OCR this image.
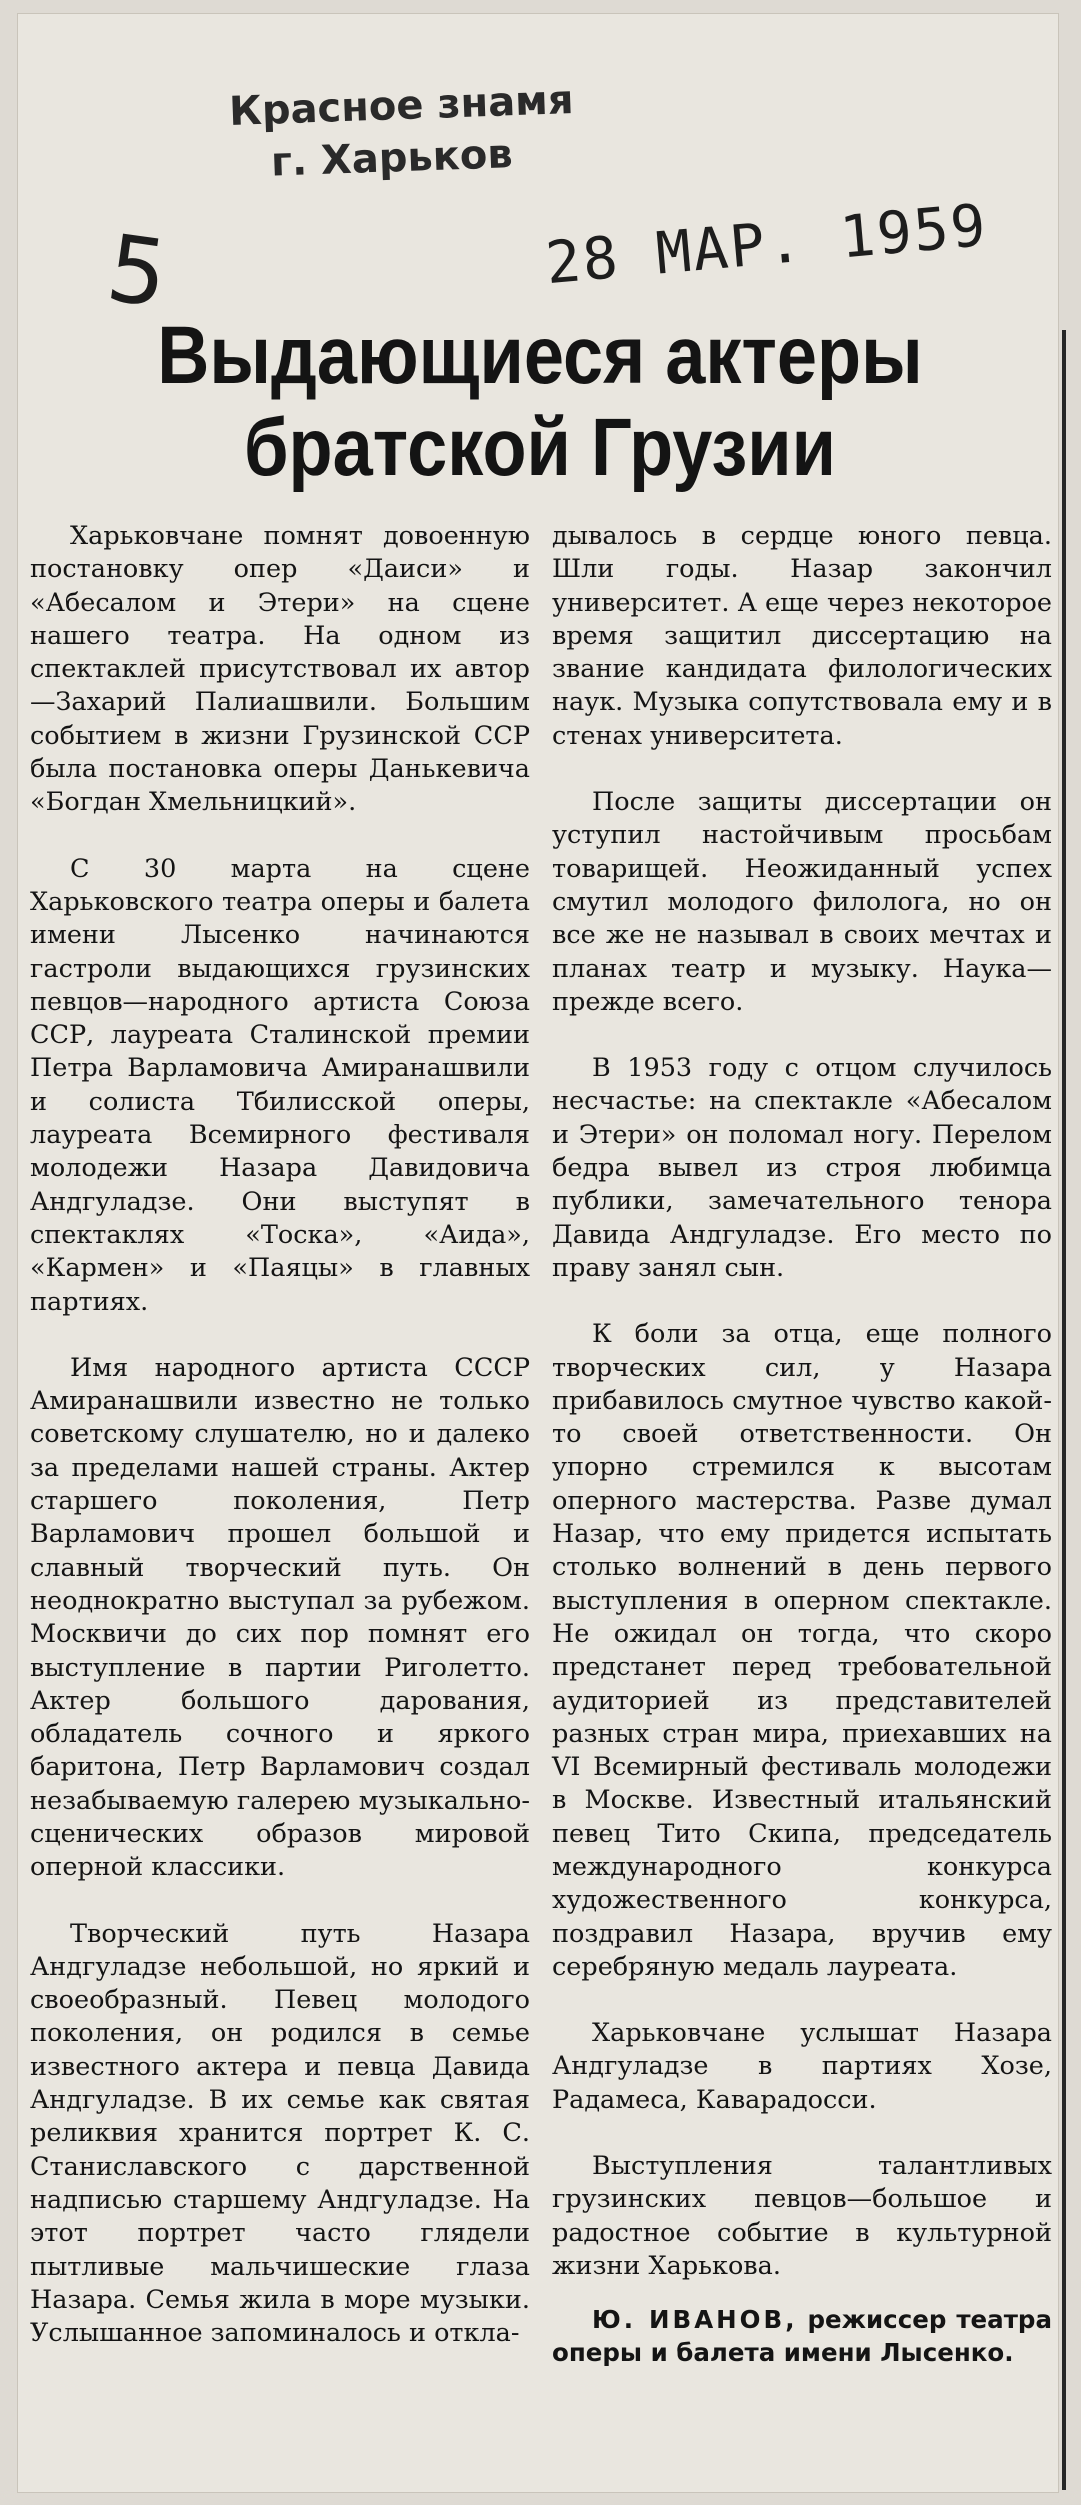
Красное знамя
г. Харьков
5	28 МАР. 1959
Выдающиеся актеры
братской Грузии

Харьковчане помнят довоенную постановку опер «Даиси» и «Абесалом и Этери» на сцене нашего театра. На одном из спектаклей присутствовал их автор—Захарий Палиашвили. Большим событием в жизни Грузинской ССР была постановка оперы Данькевича «Богдан Хмельницкий».

С 30 марта на сцене Харьковского театра оперы и балета имени Лысенко начинаются гастроли выдающихся грузинских певцов—народного артиста Союза ССР, лауреата Сталинской премии Петра Варламовича Амиранашвили и солиста Тбилисской оперы, лауреата Всемирного фестиваля молодежи Назара Давидовича Андгуладзе. Они выступят в спектаклях «Тоска», «Аида», «Кармен» и «Паяцы» в главных партиях.

Имя народного артиста СССР Амиранашвили известно не только советскому слушателю, но и далеко за пределами нашей страны. Актер старшего поколения, Петр Варламович прошел большой и славный творческий путь. Он неоднократно выступал за рубежом. Москвичи до сих пор помнят его выступление в партии Риголетто. Актер большого дарования, обладатель сочного и яркого баритона, Петр Варламович создал незабываемую галерею музыкально-сценических образов мировой оперной классики.

Творческий путь Назара Андгуладзе небольшой, но яркий и своеобразный. Певец молодого поколения, он родился в семье известного актера и певца Давида Андгуладзе. В их семье как святая реликвия хранится портрет К. С. Станиславского с дарственной надписью старшему Андгуладзе. На этот портрет часто глядели пытливые мальчишеские глаза Назара. Семья жила в море музыки. Услышанное запоминалось и откла-

дывалось в сердце юного певца. Шли годы. Назар закончил университет. А еще через некоторое время защитил диссертацию на звание кандидата филологических наук. Музыка сопутствовала ему и в стенах университета.

После защиты диссертации он уступил настойчивым просьбам товарищей. Неожиданный успех смутил молодого филолога, но он все же не называл в своих мечтах и планах театр и музыку. Наука—прежде всего.

В 1953 году с отцом случилось несчастье: на спектакле «Абесалом и Этери» он поломал ногу. Перелом бедра вывел из строя любимца публики, замечательного тенора Давида Андгуладзе. Его место по праву занял сын.

К боли за отца, еще полного творческих сил, у Назара прибавилось смутное чувство какой-то своей ответственности. Он упорно стремился к высотам оперного мастерства. Разве думал Назар, что ему придется испытать столько волнений в день первого выступления в оперном спектакле. Не ожидал он тогда, что скоро предстанет перед требовательной аудиторией из представителей разных стран мира, приехавших на VI Всемирный фестиваль молодежи в Москве. Известный итальянский певец Тито Скипа, председатель международного конкурса художественного конкурса, поздравил Назара, вручив ему серебряную медаль лауреата.

Харьковчане услышат Назара Андгуладзе в партиях Хозе, Радамеса, Каварадосси.

Выступления талантливых грузинских певцов—большое и радостное событие в культурной жизни Харькова.

Ю. ИВАНОВ, режиссер театра оперы и балета имени Лысенко.
